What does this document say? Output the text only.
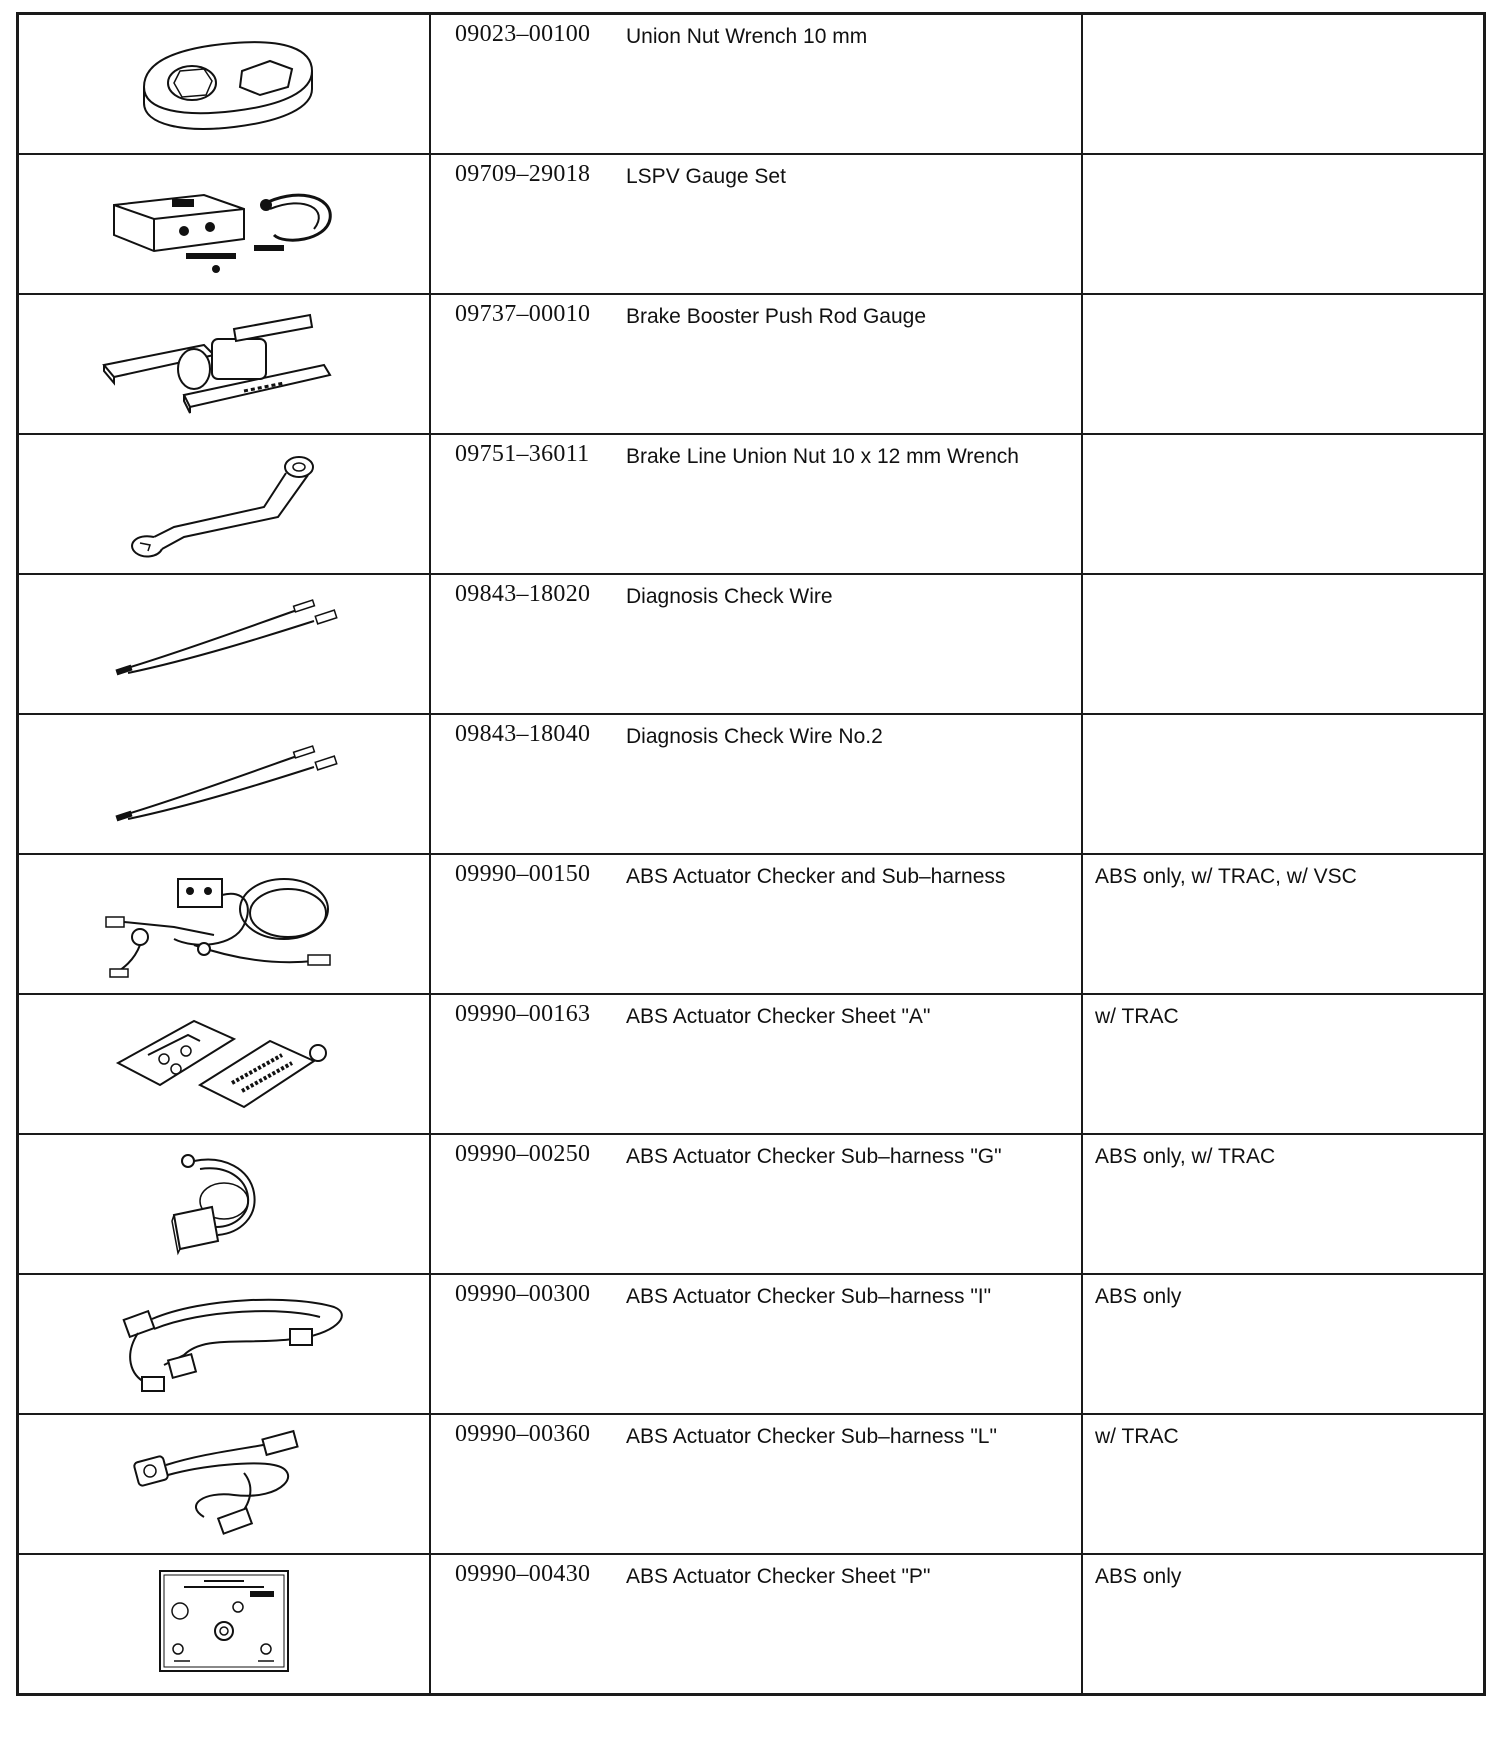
09023–00100 Union Nut Wrench 10 mm	

09709–29018 LSPV Gauge Set	

09737–00010 Brake Booster Push Rod Gauge	

09751–36011 Brake Line Union Nut 10 x 12 mm Wrench	

09843–18020 Diagnosis Check Wire	

09843–18040 Diagnosis Check Wire No.2	

09990–00150 ABS Actuator Checker and Sub–harness	ABS only, w/ TRAC, w/ VSC

09990–00163 ABS Actuator Checker Sheet "A"	w/ TRAC

09990–00250 ABS Actuator Checker Sub–harness "G"	ABS only, w/ TRAC

09990–00300 ABS Actuator Checker Sub–harness "I"	ABS only

09990–00360 ABS Actuator Checker Sub–harness "L"	w/ TRAC

09990–00430 ABS Actuator Checker Sheet "P"	ABS only
